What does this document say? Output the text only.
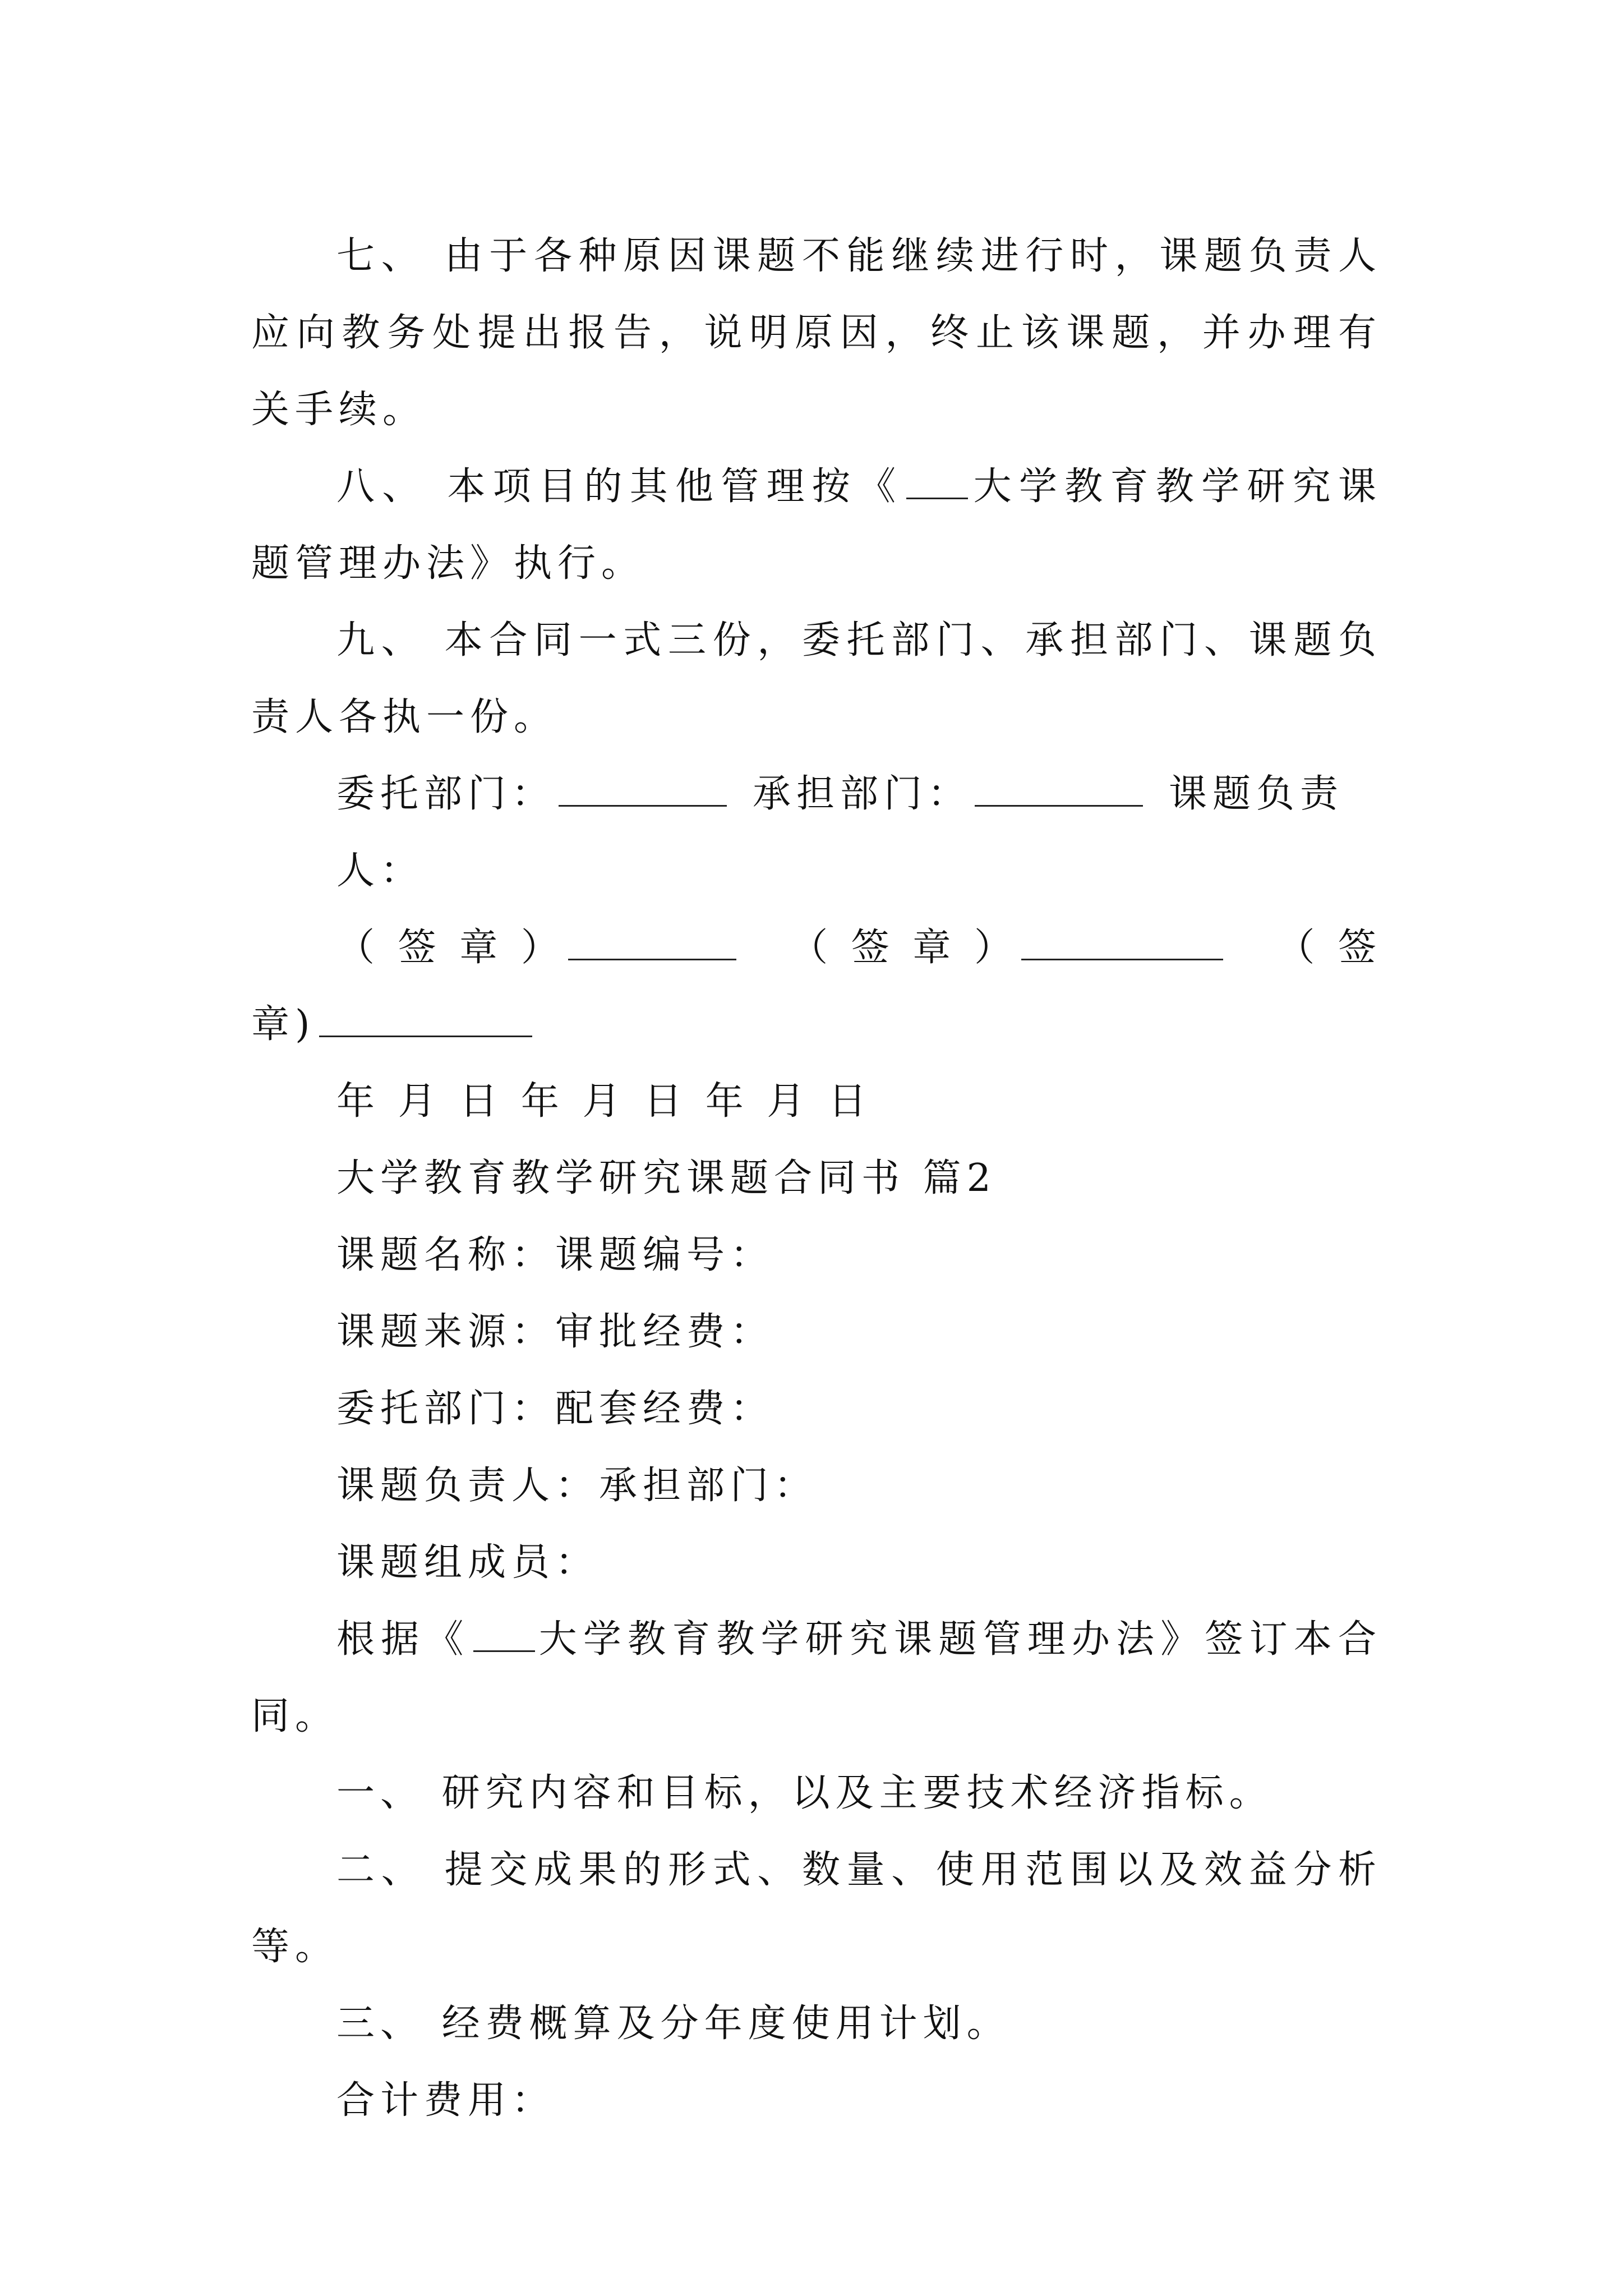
七、 由于各种原因课题不能继续进行时，课题负责人应向教务处提出报告，说明原因，终止该课题，并办理有关手续。

八、 本项目的其他管理按《 大学教育教学研究课题管理办法》执行。

九、 本合同一式三份，委托部门、承担部门、课题负责人各执一份。

委托部门：	承担部门：	课题负责人：

（ 签 章 ）	（ 签 章 ）	（ 签

章)

年 月 日 年 月 日 年 月 日

大学教育教学研究课题合同书 篇2

课题名称：课题编号：

课题来源：审批经费：

委托部门：配套经费：

课题负责人：承担部门：

课题组成员：

根据《 大学教育教学研究课题管理办法》签订本合同。

一、 研究内容和目标，以及主要技术经济指标。

二、 提交成果的形式、数量、使用范围以及效益分析等。

三、 经费概算及分年度使用计划。

合计费用：
